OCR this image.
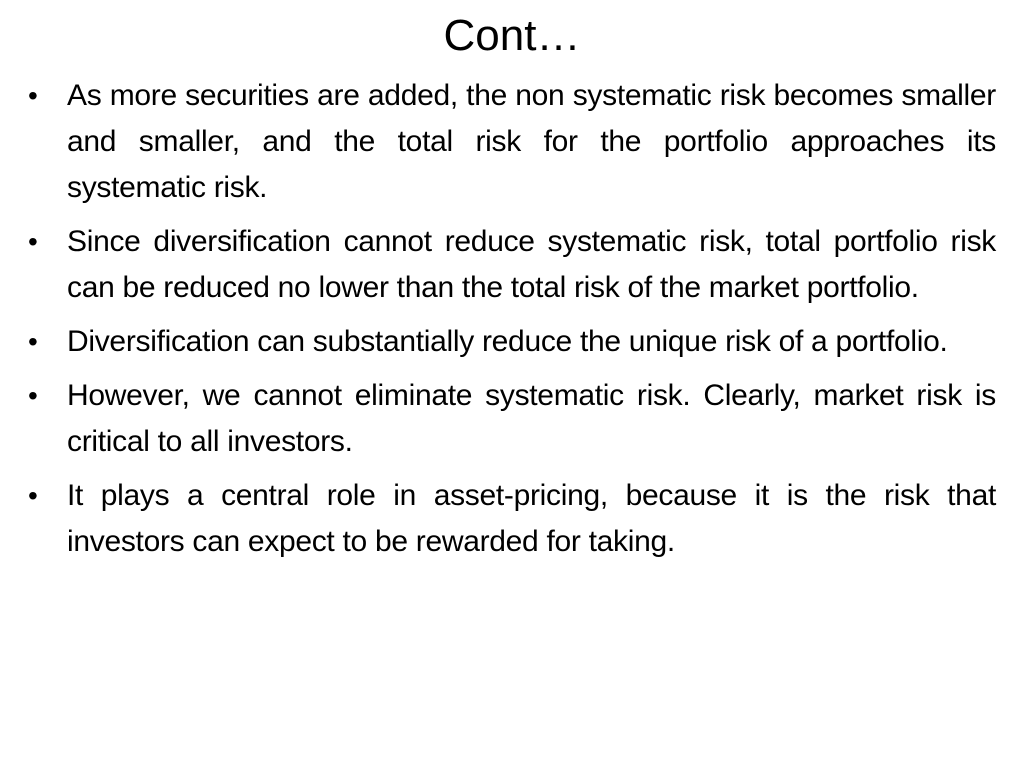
Cont…
• As more securities are added, the non systematic risk becomes smaller and smaller, and the total risk for the portfolio approaches its systematic risk.
• Since diversification cannot reduce systematic risk, total portfolio risk can be reduced no lower than the total risk of the market portfolio.
• Diversification can substantially reduce the unique risk of a portfolio.
• However, we cannot eliminate systematic risk. Clearly, market risk is critical to all investors.
• It plays a central role in asset-pricing, because it is the risk that investors can expect to be rewarded for taking.
